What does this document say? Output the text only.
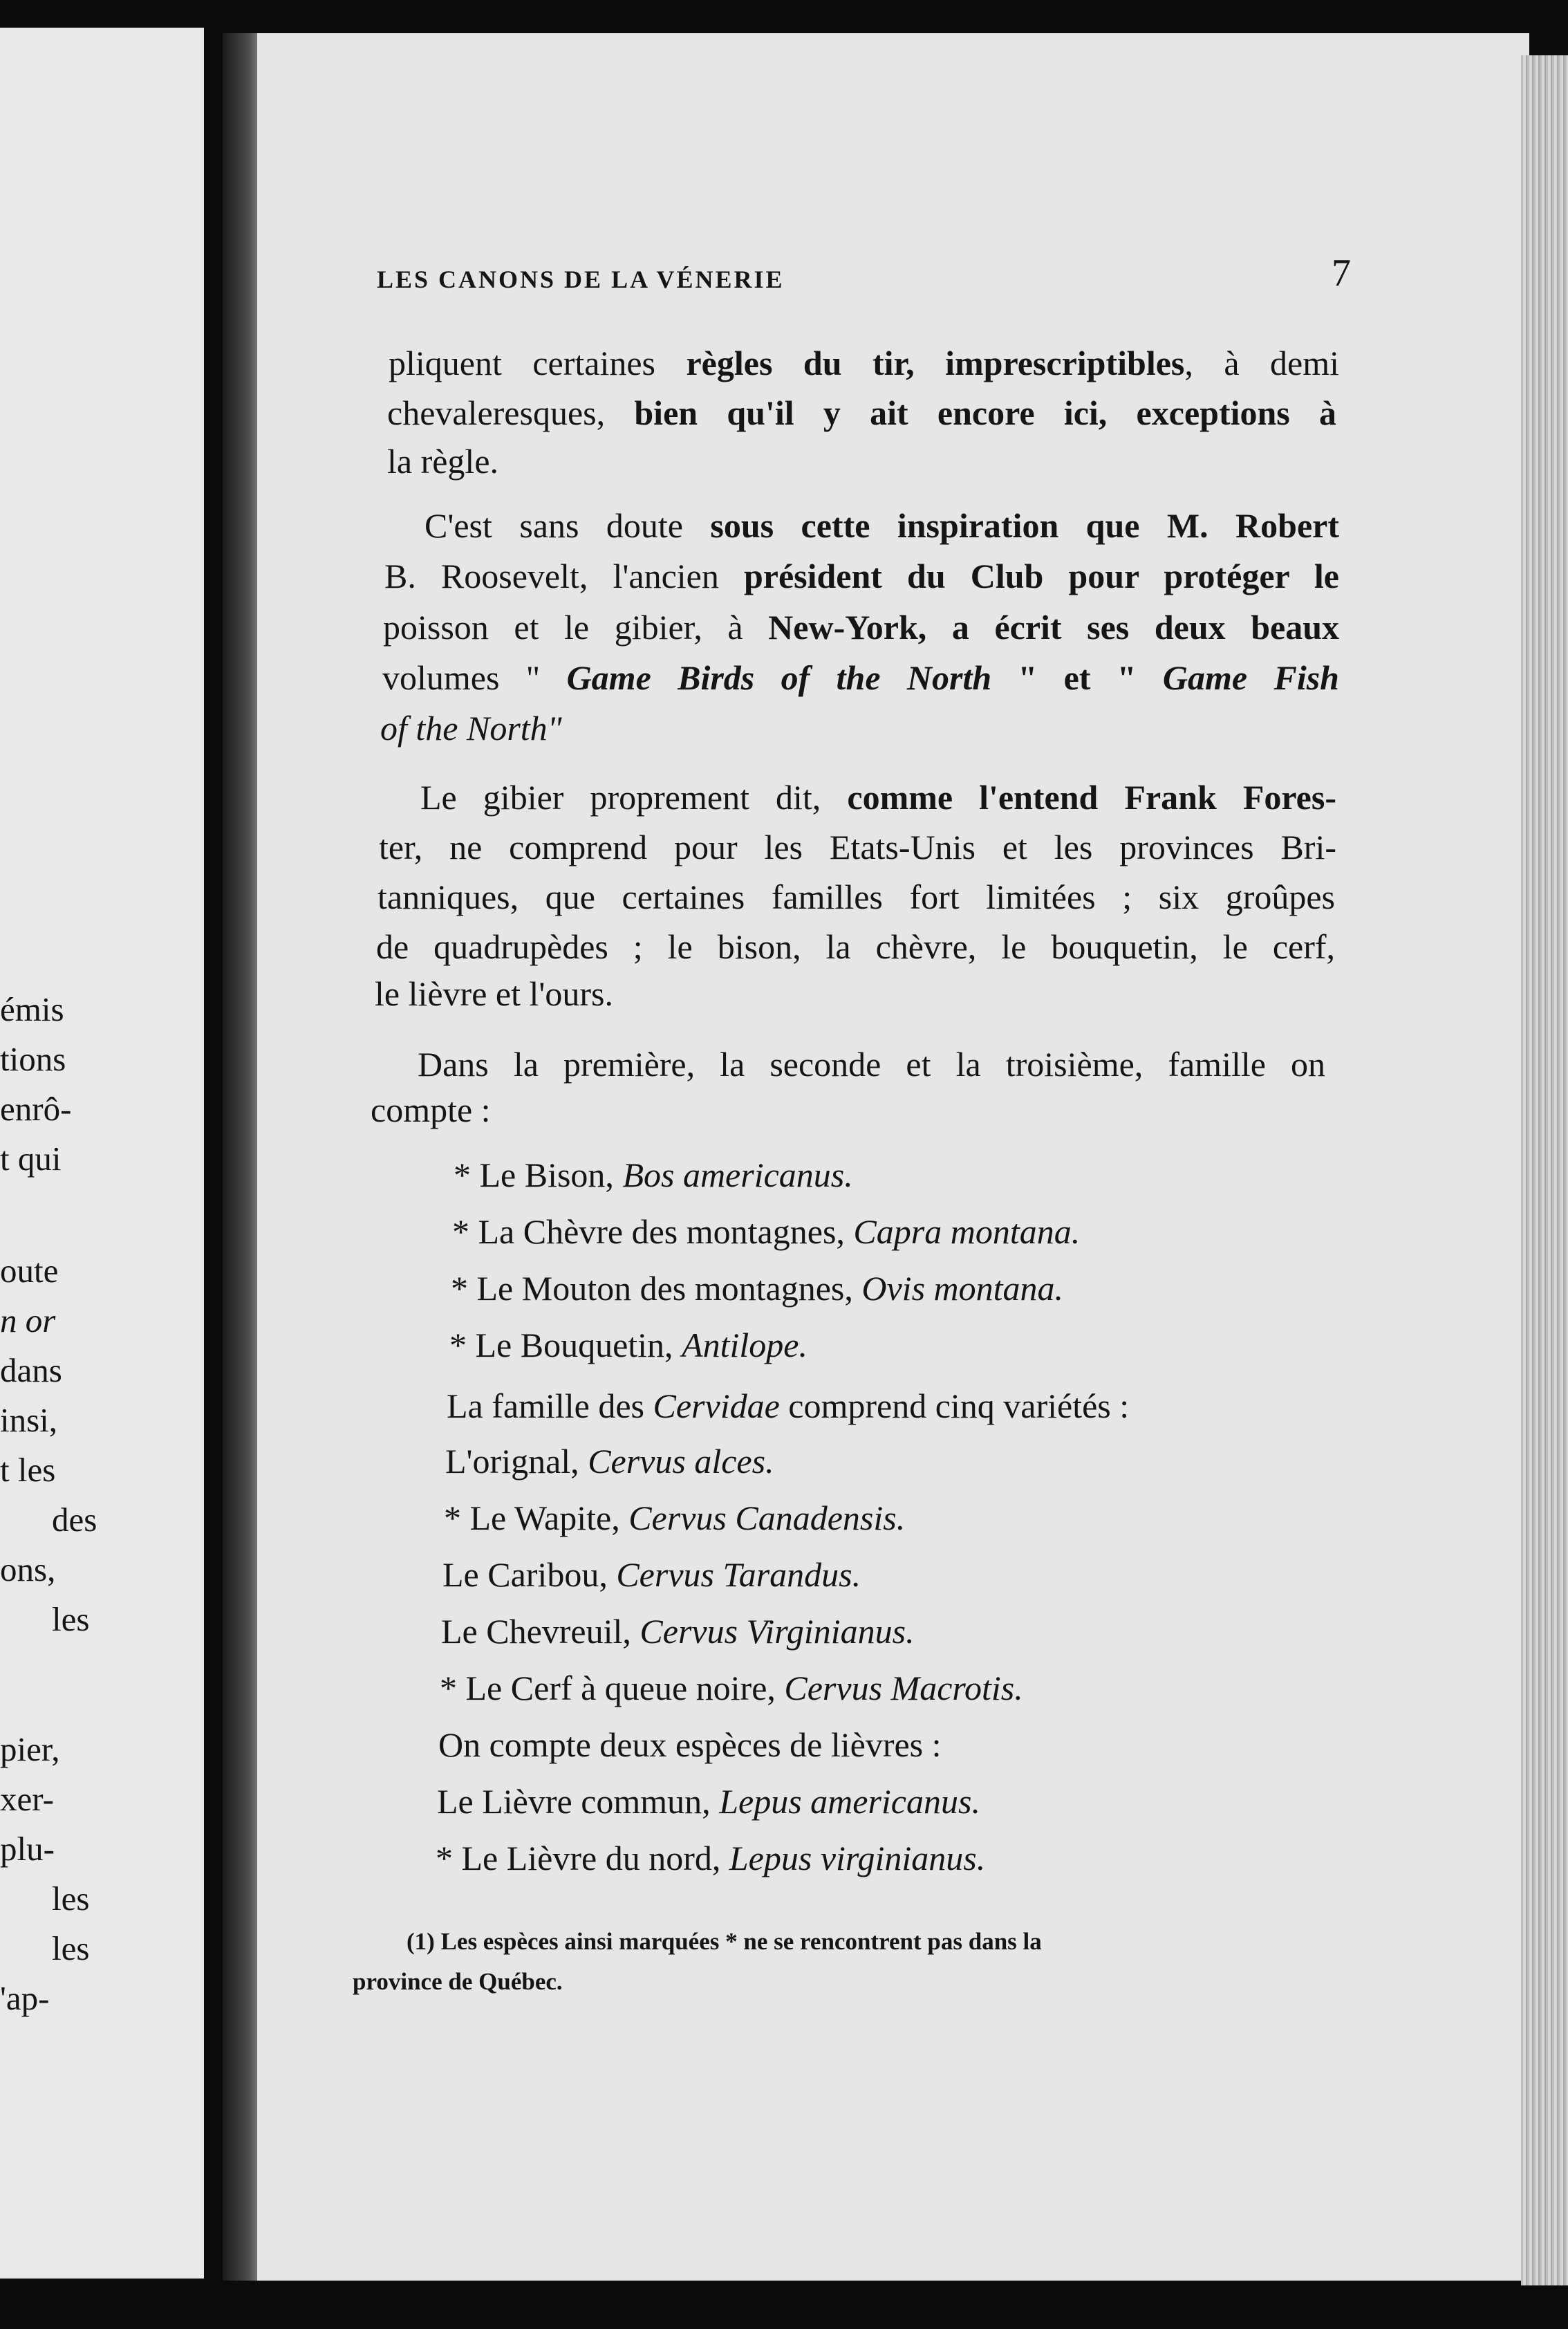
émis
tions
enrô-
t qui
oute
n or
dans
insi,
t les
des
ons,
les
pier,
xer-
plu-
les
les
'ap-
LES CANONS DE LA VÉNERIE	7
pliquent certaines règles du tir, imprescriptibles, à demi
chevaleresques, bien qu'il y ait encore ici, exceptions à
la règle.
C'est sans doute sous cette inspiration que M. Robert
B. Roosevelt, l'ancien président du Club pour protéger le
poisson et le gibier, à New-York, a écrit ses deux beaux
volumes " Game Birds of the North " et " Game Fish
of the North"
Le gibier proprement dit, comme l'entend Frank Fores-
ter, ne comprend pour les Etats-Unis et les provinces Bri-
tanniques, que certaines familles fort limitées ; six groûpes
de quadrupèdes ; le bison, la chèvre, le bouquetin, le cerf,
le lièvre et l'ours.
Dans la première, la seconde et la troisième, famille on
compte :
* Le Bison, Bos americanus.
* La Chèvre des montagnes, Capra montana.
* Le Mouton des montagnes, Ovis montana.
* Le Bouquetin, Antilope.
La famille des Cervidae comprend cinq variétés :
L'orignal, Cervus alces.
* Le Wapite, Cervus Canadensis.
Le Caribou, Cervus Tarandus.
Le Chevreuil, Cervus Virginianus.
* Le Cerf à queue noire, Cervus Macrotis.
On compte deux espèces de lièvres :
Le Lièvre commun, Lepus americanus.
* Le Lièvre du nord, Lepus virginianus.
(1) Les espèces ainsi marquées * ne se rencontrent pas dans la
province de Québec.
